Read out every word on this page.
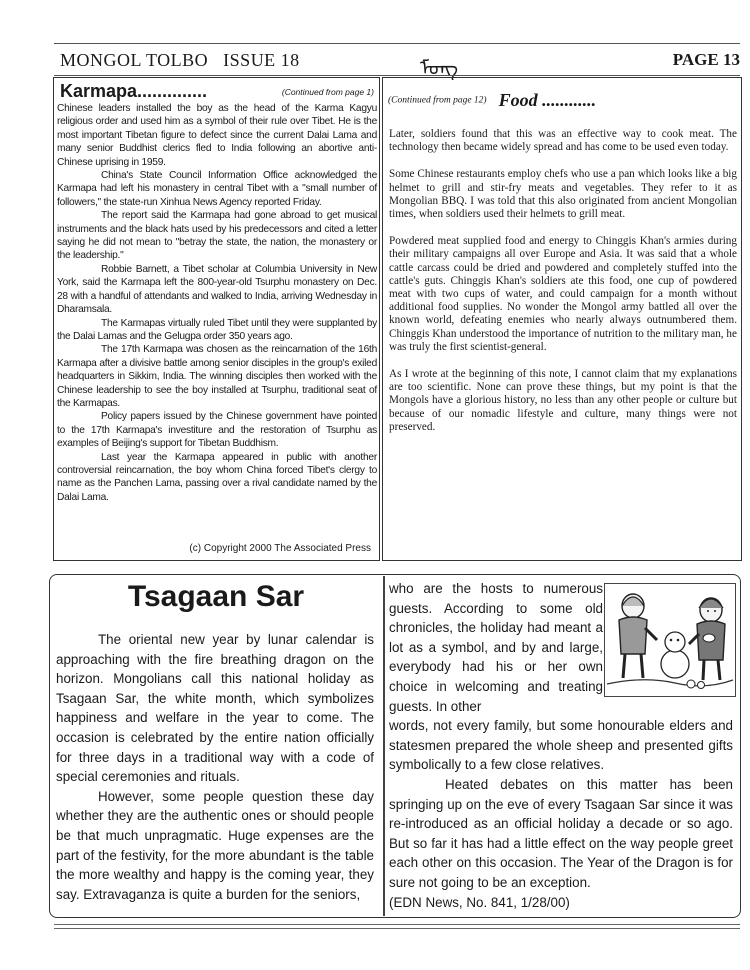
MONGOL TOLBO ISSUE 18	ᠮᠣᠩ	PAGE 13
Karmapa..............	(Continued from page 1)

Chinese leaders installed the boy as the head of the Karma Kagyu religious order and used him as a symbol of their rule over Tibet. He is the most important Tibetan figure to defect since the current Dalai Lama and many senior Buddhist clerics fled to India following an abortive anti-Chinese uprising in 1959.

China's State Council Information Office acknowledged the Karmapa had left his monastery in central Tibet with a "small number of followers," the state-run Xinhua News Agency reported Friday.

The report said the Karmapa had gone abroad to get musical instruments and the black hats used by his predecessors and cited a letter saying he did not mean to "betray the state, the nation, the monastery or the leadership."

Robbie Barnett, a Tibet scholar at Columbia University in New York, said the Karmapa left the 800-year-old Tsurphu monastery on Dec. 28 with a handful of attendants and walked to India, arriving Wednesday in Dharamsala.

The Karmapas virtually ruled Tibet until they were supplanted by the Dalai Lamas and the Gelugpa order 350 years ago.

The 17th Karmapa was chosen as the reincarnation of the 16th Karmapa after a divisive battle among senior disciples in the group's exiled headquarters in Sikkim, India. The winning disciples then worked with the Chinese leadership to see the boy installed at Tsurphu, traditional seat of the Karmapas.

Policy papers issued by the Chinese government have pointed to the 17th Karmapa's investiture and the restoration of Tsurphu as examples of Beijing's support for Tibetan Buddhism.

Last year the Karmapa appeared in public with another controversial reincarnation, the boy whom China forced Tibet's clergy to name as the Panchen Lama, passing over a rival candidate named by the Dalai Lama.

(c) Copyright 2000 The Associated Press
(Continued from page 12) Food ............

Later, soldiers found that this was an effective way to cook meat. The technology then became widely spread and has come to be used even today.

Some Chinese restaurants employ chefs who use a pan which looks like a big helmet to grill and stir-fry meats and vegetables. They refer to it as Mongolian BBQ. I was told that this also originated from ancient Mongolian times, when soldiers used their helmets to grill meat.

Powdered meat supplied food and energy to Chinggis Khan's armies during their military campaigns all over Europe and Asia. It was said that a whole cattle carcass could be dried and powdered and completely stuffed into the cattle's guts. Chinggis Khan's soldiers ate this food, one cup of powdered meat with two cups of water, and could campaign for a month without additional food supplies. No wonder the Mongol army battled all over the known world, defeating enemies who nearly always outnumbered them. Chinggis Khan understood the importance of nutrition to the military man, he was truly the first scientist-general.

As I wrote at the beginning of this note, I cannot claim that my explanations are too scientific. None can prove these things, but my point is that the Mongols have a glorious history, no less than any other people or culture but because of our nomadic lifestyle and culture, many things were not preserved.

Tsagaan Sar

The oriental new year by lunar calendar is approaching with the fire breathing dragon on the horizon. Mongolians call this national holiday as Tsagaan Sar, the white month, which symbolizes happiness and welfare in the year to come. The occasion is celebrated by the entire nation officially for three days in a traditional way with a code of special ceremonies and rituals.

However, some people question these day whether they are the authentic ones or should people be that much unpragmatic. Huge expenses are the part of the festivity, for the more abundant is the table the more wealthy and happy is the coming year, they say. Extravaganza is quite a burden for the seniors,

who are the hosts to numerous guests. According to some old chronicles, the holiday had meant a lot as a symbol, and by and large, everybody had his or her own choice in welcoming and treating guests. In other

words, not every family, but some honourable elders and statesmen prepared the whole sheep and presented gifts symbolically to a few close relatives.

Heated debates on this matter has been springing up on the eve of every Tsagaan Sar since it was re-introduced as an official holiday a decade or so ago. But so far it has had a little effect on the way people greet each other on this occasion. The Year of the Dragon is for sure not going to be an exception.

(EDN News, No. 841, 1/28/00)
